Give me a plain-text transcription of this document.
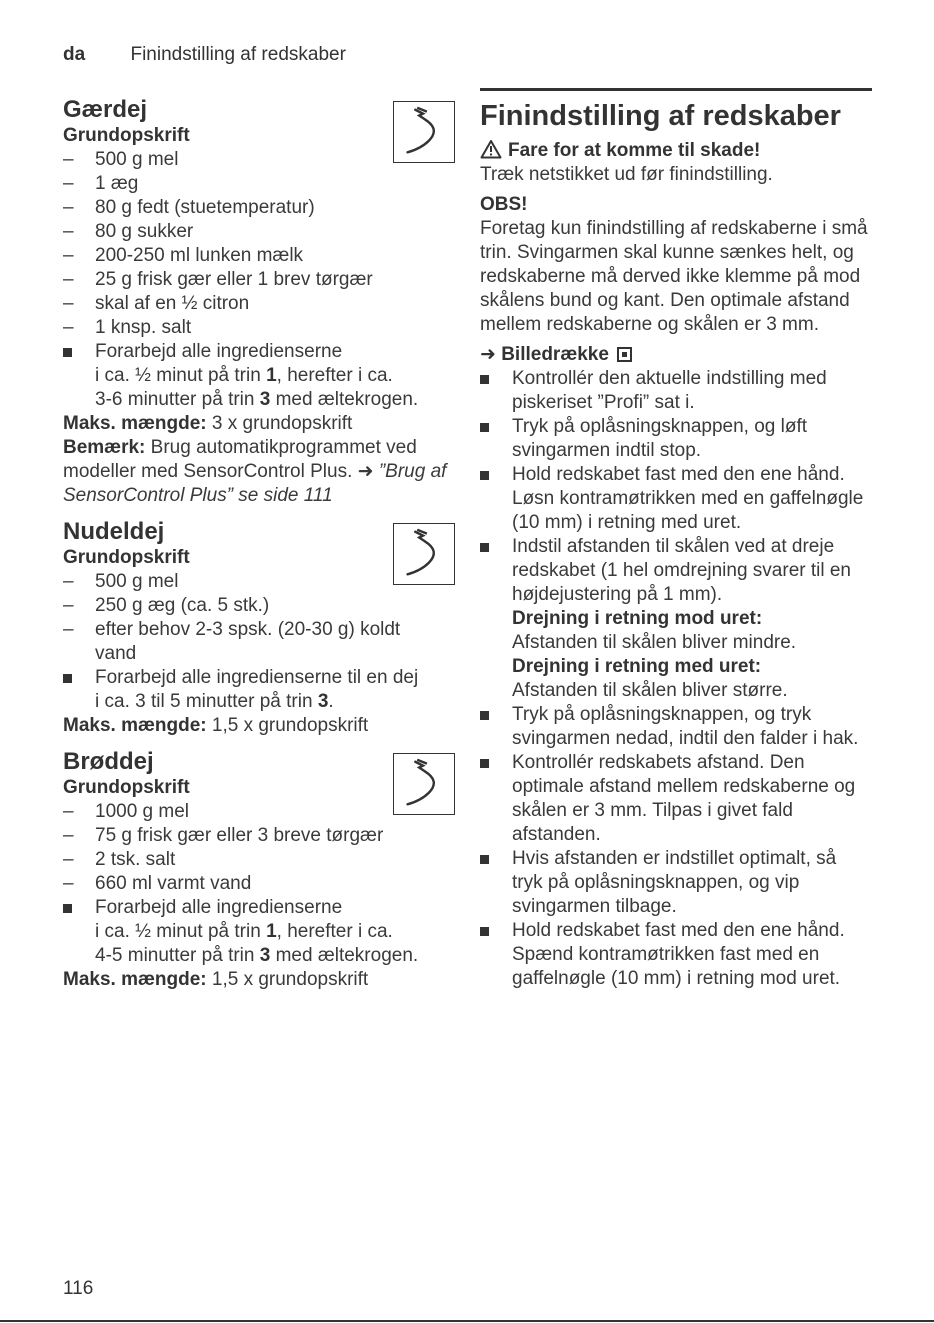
da Finindstilling af redskaber
Gærdej
Grundopskrift
–
500 g mel
–
1 æg
–
80 g fedt (stuetemperatur)
–
80 g sukker
–
200-250 ml lunken mælk
–
25 g frisk gær eller 1 brev tørgær
–
skal af en ½ citron
–
1 knsp. salt
Forarbejd alle ingredienserne
i ca. ½ minut på trin 1, herefter i ca.
3-6 minutter på trin 3 med æltekrogen.
Maks. mængde: 3 x grundopskrift
Bemærk: Brug automatikprogrammet ved modeller med SensorControl Plus. ➜ ”Brug af SensorControl Plus” se side 111
Nudeldej
Grundopskrift
–
500 g mel
–
250 g æg (ca. 5 stk.)
–
efter behov 2-3 spsk. (20-30 g) koldt vand
Forarbejd alle ingredienserne til en dej
i ca. 3 til 5 minutter på trin 3.
Maks. mængde: 1,5 x grundopskrift
Brøddej
Grundopskrift
–
1000 g mel
–
75 g frisk gær eller 3 breve tørgær
–
2 tsk. salt
–
660 ml varmt vand
Forarbejd alle ingredienserne
i ca. ½ minut på trin 1, herefter i ca.
4-5 minutter på trin 3 med æltekrogen.
Maks. mængde: 1,5 x grundopskrift
Finindstilling af redskaber
Fare for at komme til skade!
Træk netstikket ud før finindstilling.
OBS!
Foretag kun finindstilling af redskaberne i små trin. Svingarmen skal kunne sænkes helt, og redskaberne må derved ikke klemme på mod skålens bund og kant. Den optimale afstand mellem redskaberne og skålen er 3 mm.
➜ Billedrække
Kontrollér den aktuelle indstilling med piskeriset ”Profi” sat i.
Tryk på oplåsningsknappen, og løft svingarmen indtil stop.
Hold redskabet fast med den ene hånd. Løsn kontramøtrikken med en gaffelnøgle (10 mm) i retning med uret.
Indstil afstanden til skålen ved at dreje redskabet (1 hel omdrejning svarer til en højdejustering på 1 mm).
Drejning i retning mod uret:
Afstanden til skålen bliver mindre.
Drejning i retning med uret:
Afstanden til skålen bliver større.
Tryk på oplåsningsknappen, og tryk svingarmen nedad, indtil den falder i hak.
Kontrollér redskabets afstand. Den optimale afstand mellem redskaberne og skålen er 3 mm. Tilpas i givet fald afstanden.
Hvis afstanden er indstillet optimalt, så tryk på oplåsningsknappen, og vip svingarmen tilbage.
Hold redskabet fast med den ene hånd. Spænd kontramøtrikken fast med en gaffelnøgle (10 mm) i retning mod uret.
116
